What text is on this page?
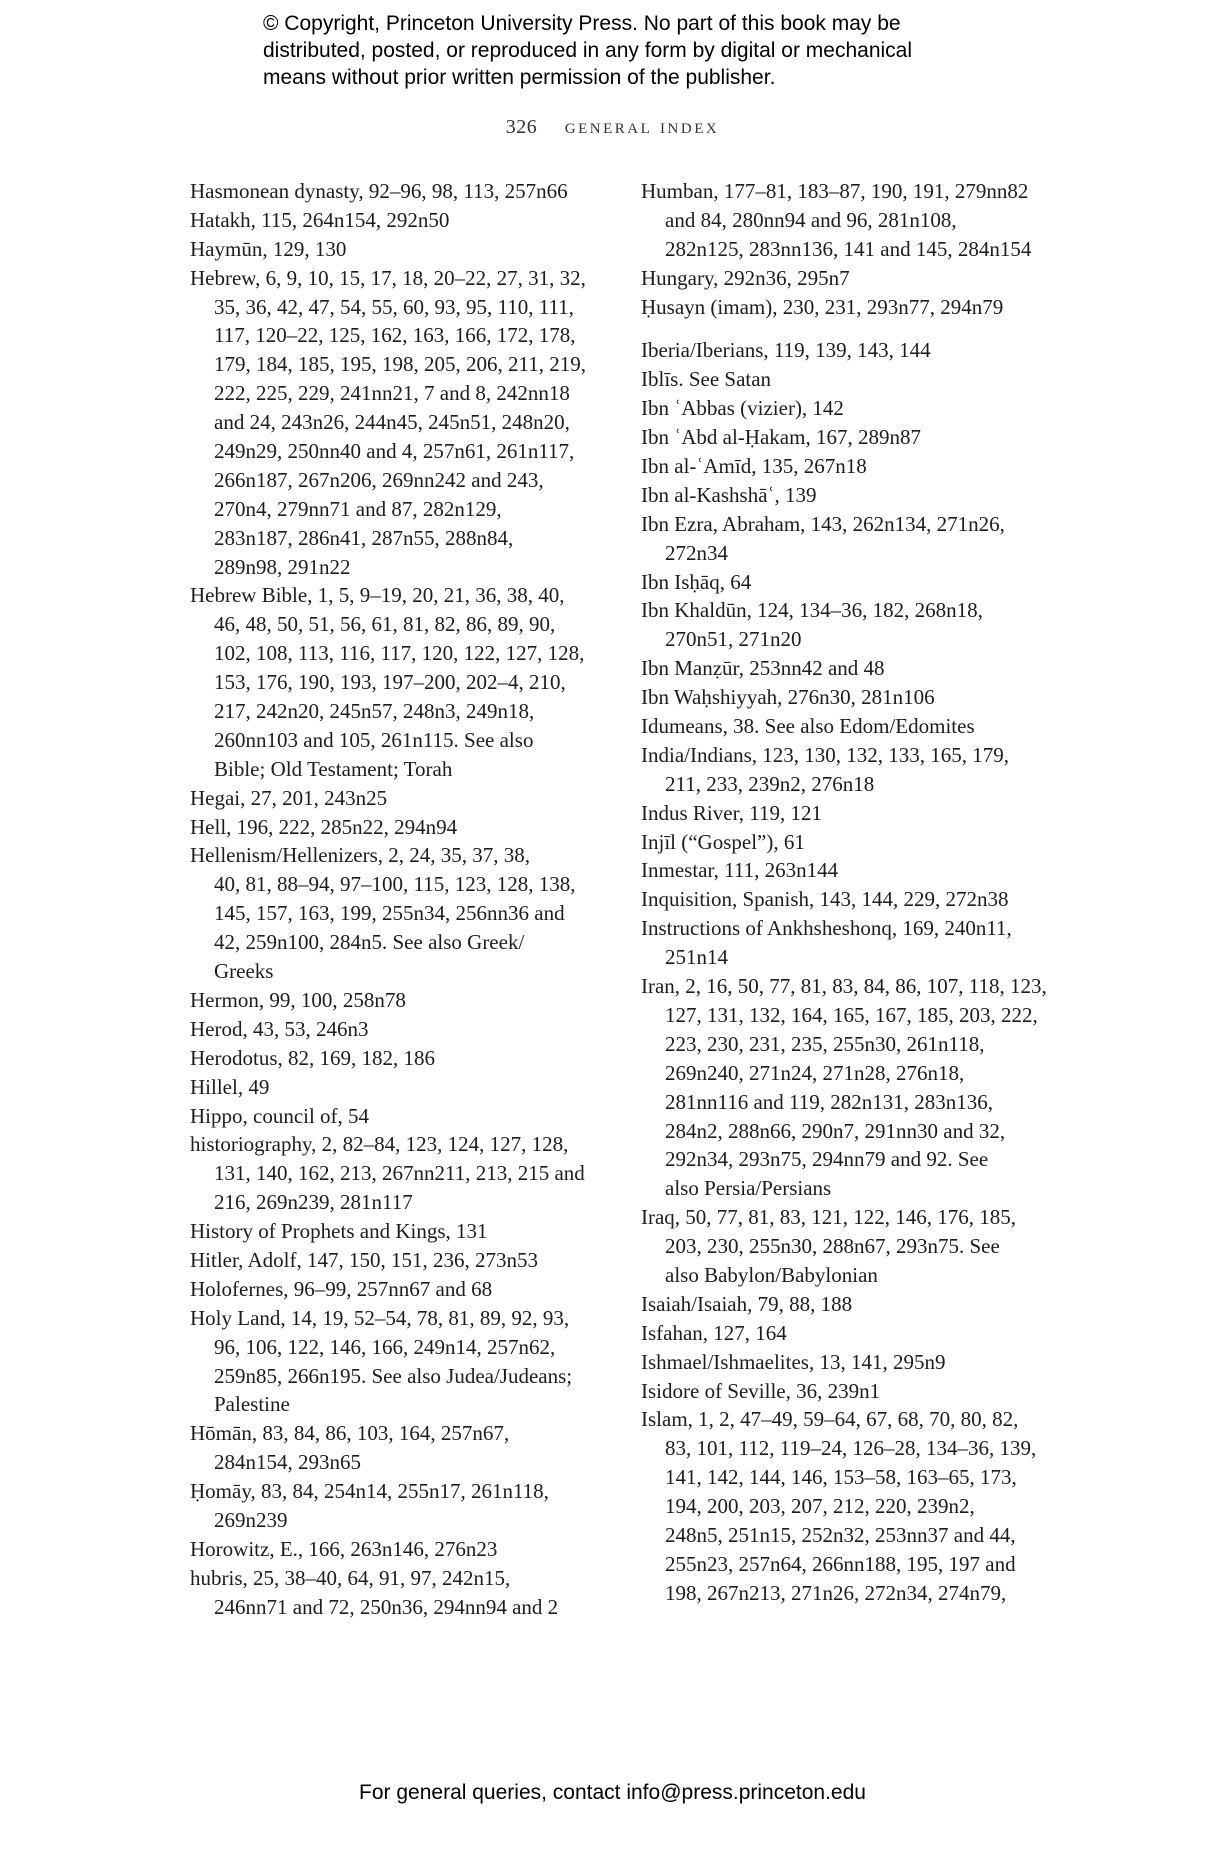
© Copyright, Princeton University Press. No part of this book may be
distributed, posted, or reproduced in any form by digital or mechanical
means without prior written permission of the publisher.
326 general index
Hasmonean dynasty, 92–96, 98, 113, 257n66
Hatakh, 115, 264n154, 292n50
Haymūn, 129, 130
Hebrew, 6, 9, 10, 15, 17, 18, 20–22, 27, 31, 32,
35, 36, 42, 47, 54, 55, 60, 93, 95, 110, 111,
117, 120–22, 125, 162, 163, 166, 172, 178,
179, 184, 185, 195, 198, 205, 206, 211, 219,
222, 225, 229, 241nn21, 7 and 8, 242nn18
and 24, 243n26, 244n45, 245n51, 248n20,
249n29, 250nn40 and 4, 257n61, 261n117,
266n187, 267n206, 269nn242 and 243,
270n4, 279nn71 and 87, 282n129,
283n187, 286n41, 287n55, 288n84,
289n98, 291n22
Hebrew Bible, 1, 5, 9–19, 20, 21, 36, 38, 40,
46, 48, 50, 51, 56, 61, 81, 82, 86, 89, 90,
102, 108, 113, 116, 117, 120, 122, 127, 128,
153, 176, 190, 193, 197–200, 202–4, 210,
217, 242n20, 245n57, 248n3, 249n18,
260nn103 and 105, 261n115. See also
Bible; Old Testament; Torah
Hegai, 27, 201, 243n25
Hell, 196, 222, 285n22, 294n94
Hellenism/Hellenizers, 2, 24, 35, 37, 38,
40, 81, 88–94, 97–100, 115, 123, 128, 138,
145, 157, 163, 199, 255n34, 256nn36 and
42, 259n100, 284n5. See also Greek/
Greeks
Hermon, 99, 100, 258n78
Herod, 43, 53, 246n3
Herodotus, 82, 169, 182, 186
Hillel, 49
Hippo, council of, 54
historiography, 2, 82–84, 123, 124, 127, 128,
131, 140, 162, 213, 267nn211, 213, 215 and
216, 269n239, 281n117
History of Prophets and Kings, 131
Hitler, Adolf, 147, 150, 151, 236, 273n53
Holofernes, 96–99, 257nn67 and 68
Holy Land, 14, 19, 52–54, 78, 81, 89, 92, 93,
96, 106, 122, 146, 166, 249n14, 257n62,
259n85, 266n195. See also Judea/Judeans;
Palestine
Hōmān, 83, 84, 86, 103, 164, 257n67,
284n154, 293n65
Ḥomāy, 83, 84, 254n14, 255n17, 261n118,
269n239
Horowitz, E., 166, 263n146, 276n23
hubris, 25, 38–40, 64, 91, 97, 242n15,
246nn71 and 72, 250n36, 294nn94 and 2
Humban, 177–81, 183–87, 190, 191, 279nn82
and 84, 280nn94 and 96, 281n108,
282n125, 283nn136, 141 and 145, 284n154
Hungary, 292n36, 295n7
Ḥusayn (imam), 230, 231, 293n77, 294n79
Iberia/Iberians, 119, 139, 143, 144
Iblīs. See Satan
Ibn ʿAbbas (vizier), 142
Ibn ʿAbd al-Ḥakam, 167, 289n87
Ibn al-ʿAmīd, 135, 267n18
Ibn al-Kashshāʿ, 139
Ibn Ezra, Abraham, 143, 262n134, 271n26,
272n34
Ibn Isḥāq, 64
Ibn Khaldūn, 124, 134–36, 182, 268n18,
270n51, 271n20
Ibn Manẓūr, 253nn42 and 48
Ibn Waḥshiyyah, 276n30, 281n106
Idumeans, 38. See also Edom/Edomites
India/Indians, 123, 130, 132, 133, 165, 179,
211, 233, 239n2, 276n18
Indus River, 119, 121
Injīl (“Gospel”), 61
Inmestar, 111, 263n144
Inquisition, Spanish, 143, 144, 229, 272n38
Instructions of Ankhsheshonq, 169, 240n11,
251n14
Iran, 2, 16, 50, 77, 81, 83, 84, 86, 107, 118, 123,
127, 131, 132, 164, 165, 167, 185, 203, 222,
223, 230, 231, 235, 255n30, 261n118,
269n240, 271n24, 271n28, 276n18,
281nn116 and 119, 282n131, 283n136,
284n2, 288n66, 290n7, 291nn30 and 32,
292n34, 293n75, 294nn79 and 92. See
also Persia/Persians
Iraq, 50, 77, 81, 83, 121, 122, 146, 176, 185,
203, 230, 255n30, 288n67, 293n75. See
also Babylon/Babylonian
Isaiah/Isaiah, 79, 88, 188
Isfahan, 127, 164
Ishmael/Ishmaelites, 13, 141, 295n9
Isidore of Seville, 36, 239n1
Islam, 1, 2, 47–49, 59–64, 67, 68, 70, 80, 82,
83, 101, 112, 119–24, 126–28, 134–36, 139,
141, 142, 144, 146, 153–58, 163–65, 173,
194, 200, 203, 207, 212, 220, 239n2,
248n5, 251n15, 252n32, 253nn37 and 44,
255n23, 257n64, 266nn188, 195, 197 and
198, 267n213, 271n26, 272n34, 274n79,
For general queries, contact info@press.princeton.edu
